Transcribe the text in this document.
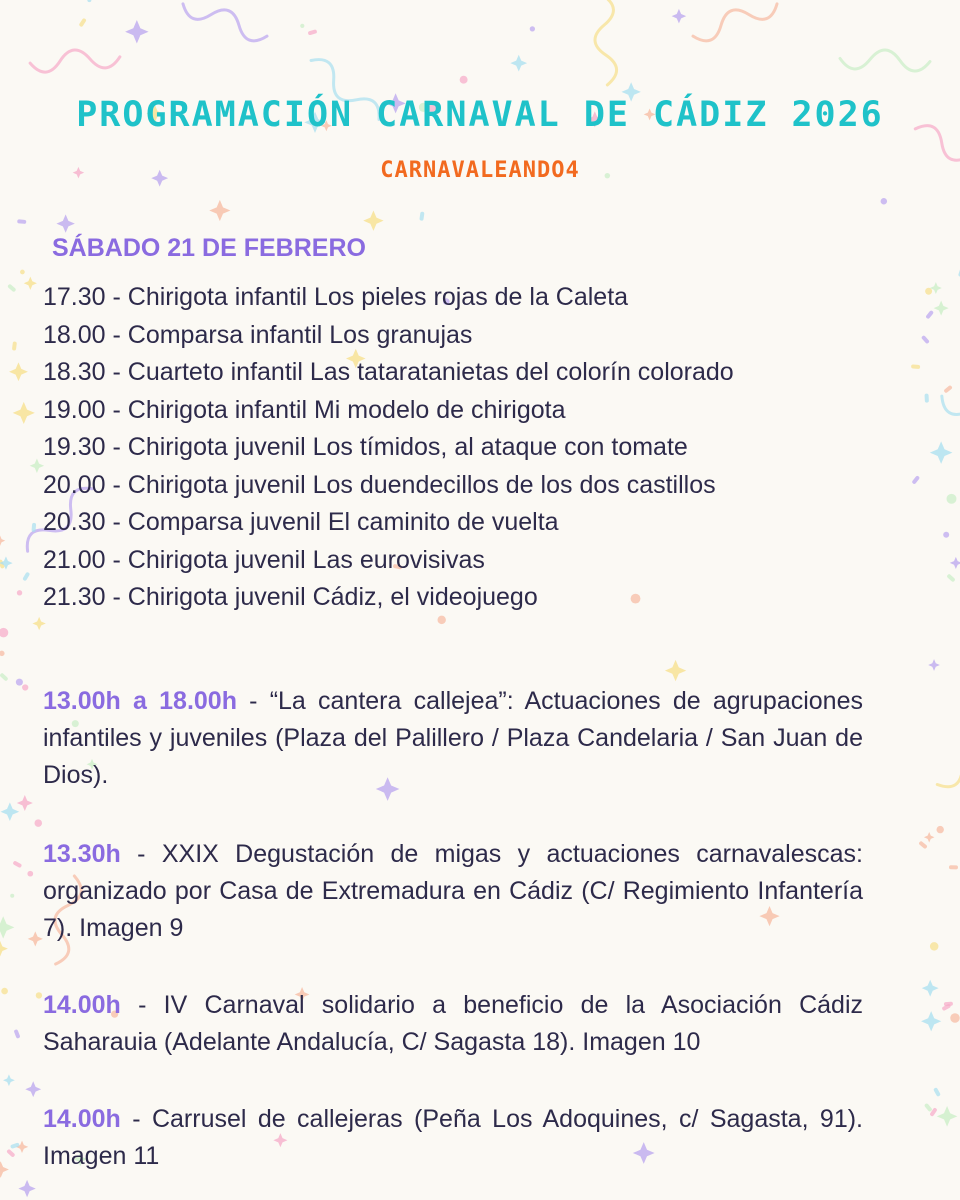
PROGRAMACIÓN CARNAVAL DE CÁDIZ 2026
CARNAVALEANDO4
SÁBADO 21 DE FEBRERO
17.30 - Chirigota infantil Los pieles rojas de la Caleta
18.00 - Comparsa infantil Los granujas
18.30 - Cuarteto infantil Las tataratanietas del colorín colorado
19.00 - Chirigota infantil Mi modelo de chirigota
19.30 - Chirigota juvenil Los tímidos, al ataque con tomate
20.00 - Chirigota juvenil Los duendecillos de los dos castillos
20.30 - Comparsa juvenil El caminito de vuelta
21.00 - Chirigota juvenil Las eurovisivas
21.30 - Chirigota juvenil Cádiz, el videojuego

13.00h a 18.00h - “La cantera callejea”: Actuaciones de agrupaciones infantiles y juveniles (Plaza del Palillero / Plaza Candelaria / San Juan de Dios).

13.30h - XXIX Degustación de migas y actuaciones carnavalescas: organizado por Casa de Extremadura en Cádiz (C/ Regimiento Infantería 7). Imagen 9

14.00h - IV Carnaval solidario a beneficio de la Asociación Cádiz Saharauia (Adelante Andalucía, C/ Sagasta 18). Imagen 10

14.00h - Carrusel de callejeras (Peña Los Adoquines, c/ Sagasta, 91). Imagen 11
